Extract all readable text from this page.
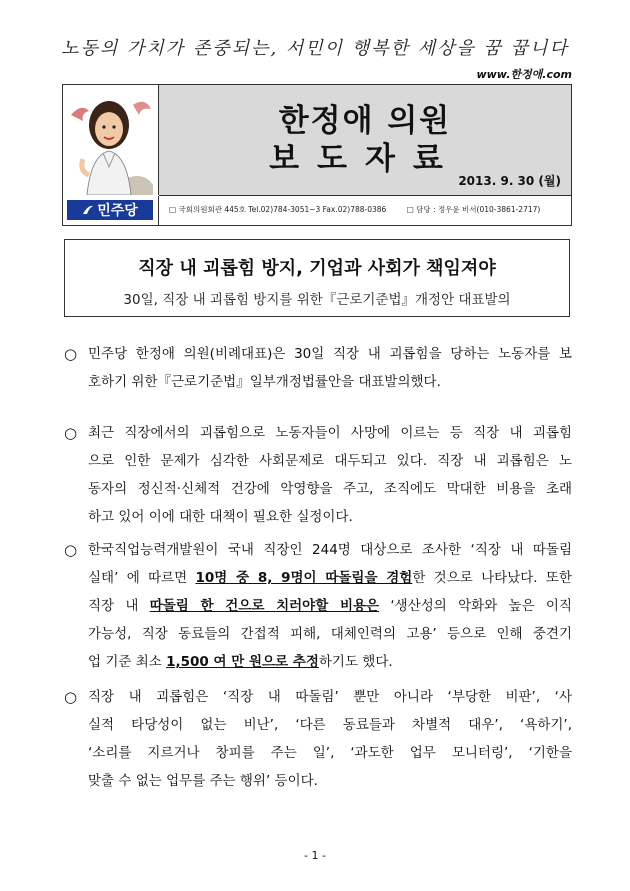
노동의 가치가 존중되는, 서민이 행복한 세상을 꿈 꿉니다
www.한정애.com
한정애 의원
보도자료
2013. 9. 30 (월)
민주당	□ 국회의원회관 445호 Tel.02)784-3051~3 Fax.02)788-0386	□ 담당 : 정우윤 비서(010-3861-2717)
직장 내 괴롭힘 방지, 기업과 사회가 책임져야
30일, 직장 내 괴롭힘 방지를 위한『근로기준법』개정안 대표발의
○ 민주당 한정애 의원(비례대표)은 30일 직장 내 괴롭힘을 당하는 노동자를 보
호하기 위한『근로기준법』일부개정법률안을 대표발의했다.
○ 최근 직장에서의 괴롭힘으로 노동자들이 사망에 이르는 등 직장 내 괴롭힘
으로 인한 문제가 심각한 사회문제로 대두되고 있다. 직장 내 괴롭힘은 노
동자의 정신적·신체적 건강에 악영향을 주고, 조직에도 막대한 비용을 초래
하고 있어 이에 대한 대책이 필요한 실정이다.
○ 한국직업능력개발원이 국내 직장인 244명 대상으로 조사한 ‘직장 내 따돌림
실태’ 에 따르면 10명 중 8, 9명이 따돌림을 경험한 것으로 나타났다. 또한
직장 내 따돌림 한 건으로 치러야할 비용은 ‘생산성의 악화와 높은 이직
가능성, 직장 동료들의 간접적 피해, 대체인력의 고용’ 등으로 인해 중견기
업 기준 최소 1,500 여 만 원으로 추정하기도 했다.
○ 직장 내 괴롭힘은 ‘직장 내 따돌림’ 뿐만 아니라 ‘부당한 비판’, ‘사
실적 타당성이 없는 비난’, ‘다른 동료들과 차별적 대우’, ‘욕하기’,
‘소리를 지르거나 창피를 주는 일’, ‘과도한 업무 모니터링’, ‘기한을
맞출 수 없는 업무를 주는 행위’ 등이다.
- 1 -
